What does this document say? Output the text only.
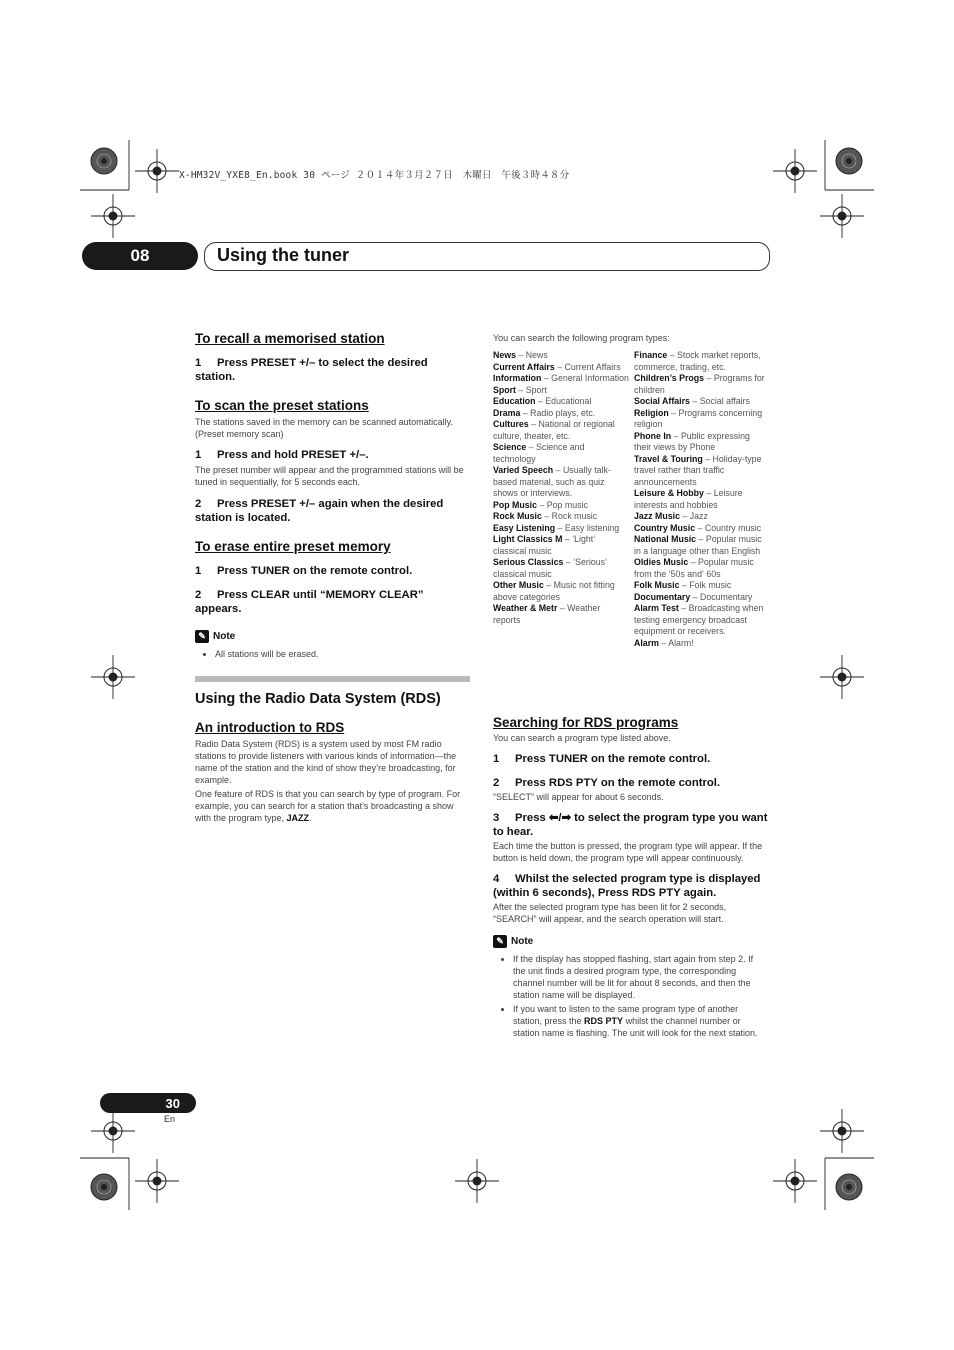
X-HM32V_YXE8_En.book 30 ページ ２０１４年３月２７日　木曜日　午後３時４８分
08	Using the tuner
To recall a memorised station
1 Press PRESET +/– to select the desired station.
To scan the preset stations
The stations saved in the memory can be scanned automatically. (Preset memory scan)
1 Press and hold PRESET +/–.
The preset number will appear and the programmed stations will be tuned in sequentially, for 5 seconds each.
2 Press PRESET +/– again when the desired station is located.
To erase entire preset memory
1 Press TUNER on the remote control.
2 Press CLEAR until “MEMORY CLEAR” appears.
✎ Note
• All stations will be erased.
Using the Radio Data System (RDS)
An introduction to RDS
Radio Data System (RDS) is a system used by most FM radio stations to provide listeners with various kinds of information—the name of the station and the kind of show they’re broadcasting, for example.
One feature of RDS is that you can search by type of program. For example, you can search for a station that’s broadcasting a show with the program type, JAZZ.
You can search the following program types:
News – News
Current Affairs – Current Affairs
Information – General Information
Sport – Sport
Education – Educational
Drama – Radio plays, etc.
Cultures – National or regional culture, theater, etc.
Science – Science and technology
Varied Speech – Usually talk-based material, such as quiz shows or interviews.
Pop Music – Pop music
Rock Music – Rock music
Easy Listening – Easy listening
Light Classics M – ‘Light’ classical music
Serious Classics – ‘Serious’ classical music
Other Music – Music not fitting above categories
Weather & Metr – Weather reports
Finance – Stock market reports, commerce, trading, etc.
Children’s Progs – Programs for children
Social Affairs – Social affairs
Religion – Programs concerning religion
Phone In – Public expressing their views by Phone
Travel & Touring – Holiday-type travel rather than traffic announcements
Leisure & Hobby – Leisure interests and hobbies
Jazz Music – Jazz
Country Music – Country music
National Music – Popular music in a language other than English
Oldies Music – Popular music from the ‘50s and‘ 60s
Folk Music – Folk music
Documentary – Documentary
Alarm Test – Broadcasting when testing emergency broadcast equipment or receivers.
Alarm – Alarm!
Searching for RDS programs
You can search a program type listed above.
1 Press TUNER on the remote control.
2 Press RDS PTY on the remote control.
“SELECT” will appear for about 6 seconds.
3 Press ⬅/➡ to select the program type you want to hear.
Each time the button is pressed, the program type will appear. If the button is held down, the program type will appear continuously.
4 Whilst the selected program type is displayed (within 6 seconds), Press RDS PTY again.
After the selected program type has been lit for 2 seconds, “SEARCH” will appear, and the search operation will start.
✎ Note
• If the display has stopped flashing, start again from step 2. If the unit finds a desired program type, the corresponding channel number will be lit for about 8 seconds, and then the station name will be displayed.
• If you want to listen to the same program type of another station, press the RDS PTY whilst the channel number or station name is flashing. The unit will look for the next station.
30
En
